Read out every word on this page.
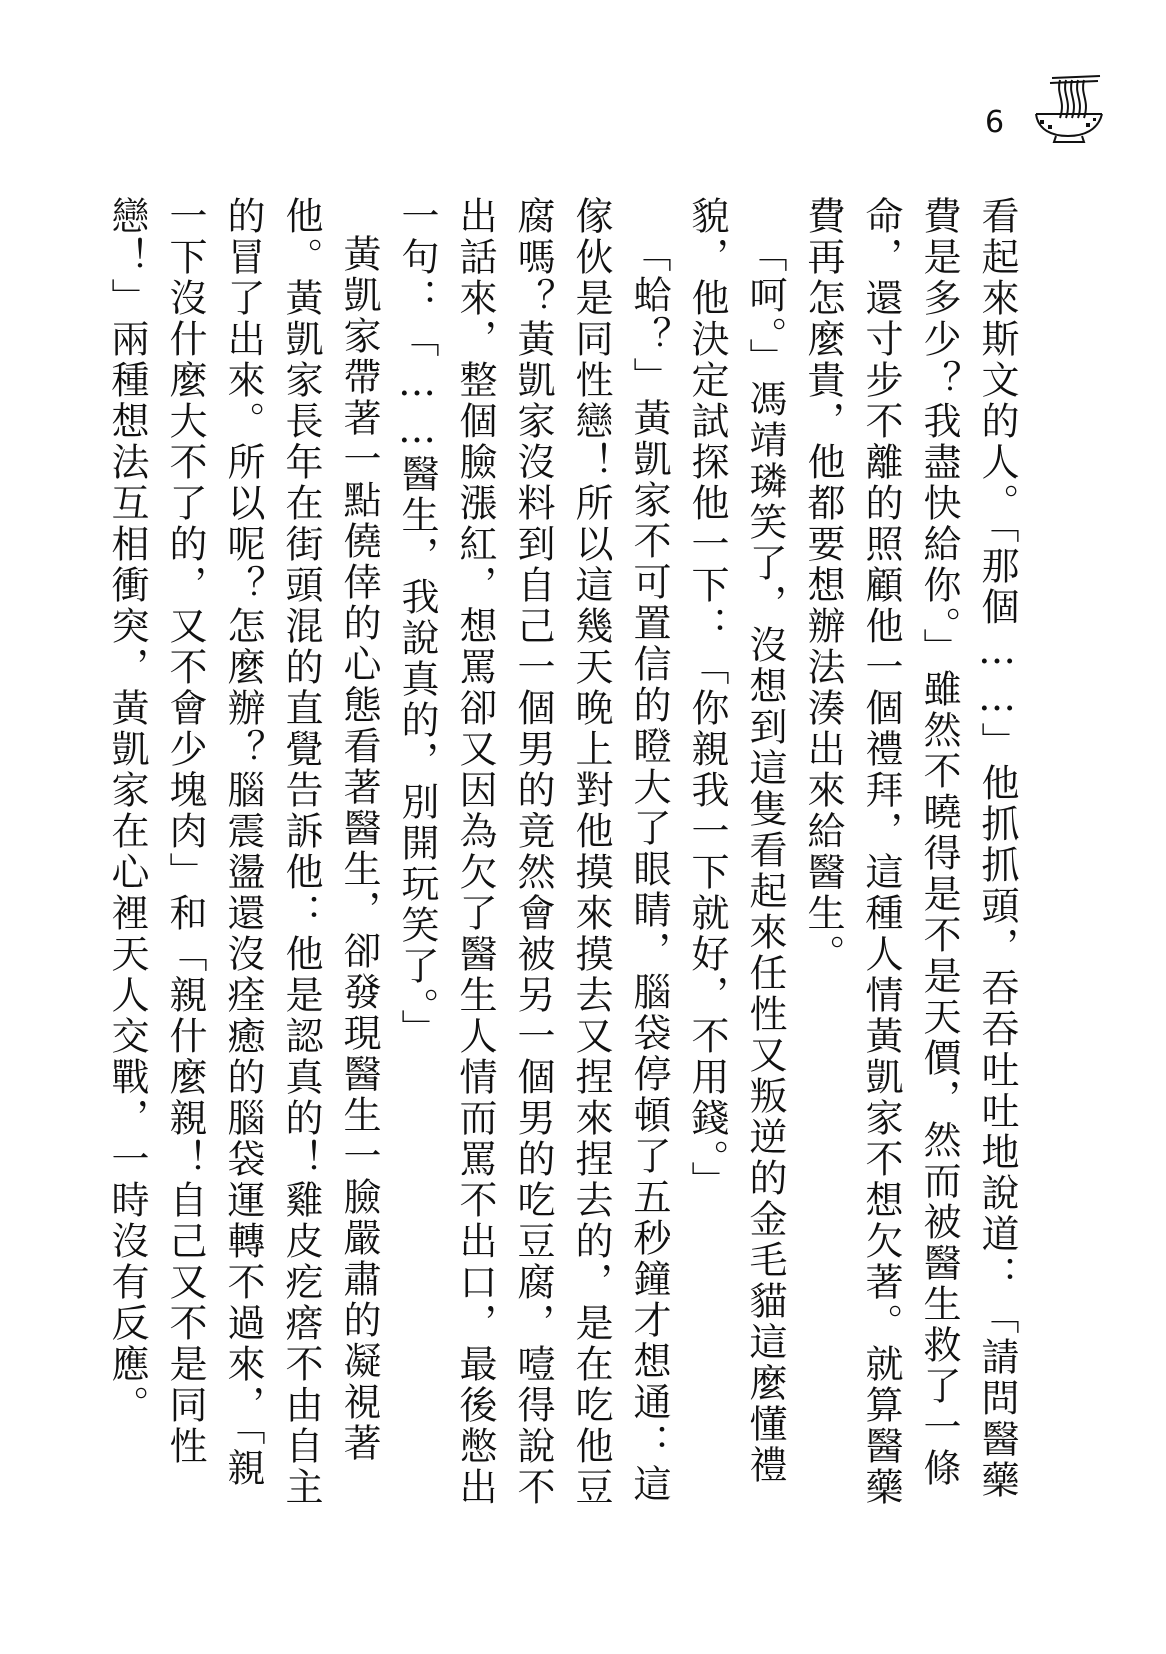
6

看起來斯文的人。「那個……」他抓抓頭，吞吞吐吐地說道：「請問醫藥費是多少？我盡快給你。」雖然不曉得是不是天價，然而被醫生救了一條命，還寸步不離的照顧他一個禮拜，這種人情黃凱家不想欠著。就算醫藥費再怎麼貴，他都要想辦法湊出來給醫生。

「呵。」馮靖璘笑了，沒想到這隻看起來任性又叛逆的金毛貓這麼懂禮貌，他決定試探他一下：「你親我一下就好，不用錢。」

「蛤？」黃凱家不可置信的瞪大了眼睛，腦袋停頓了五秒鐘才想通：這傢伙是同性戀！所以這幾天晚上對他摸來摸去又捏來捏去的，是在吃他豆腐嗎？黃凱家沒料到自己一個男的竟然會被另一個男的吃豆腐，噎得說不出話來，整個臉漲紅，想罵卻又因為欠了醫生人情而罵不出口，最後憋出一句：「……醫生，我說真的，別開玩笑了。」

黃凱家帶著一點僥倖的心態看著醫生，卻發現醫生一臉嚴肅的凝視著他。黃凱家長年在街頭混的直覺告訴他：他是認真的！雞皮疙瘩不由自主的冒了出來。所以呢？怎麼辦？腦震盪還沒痊癒的腦袋運轉不過來，「親一下沒什麼大不了的，又不會少塊肉」和「親什麼親！自己又不是同性戀！」兩種想法互相衝突，黃凱家在心裡天人交戰，一時沒有反應。
